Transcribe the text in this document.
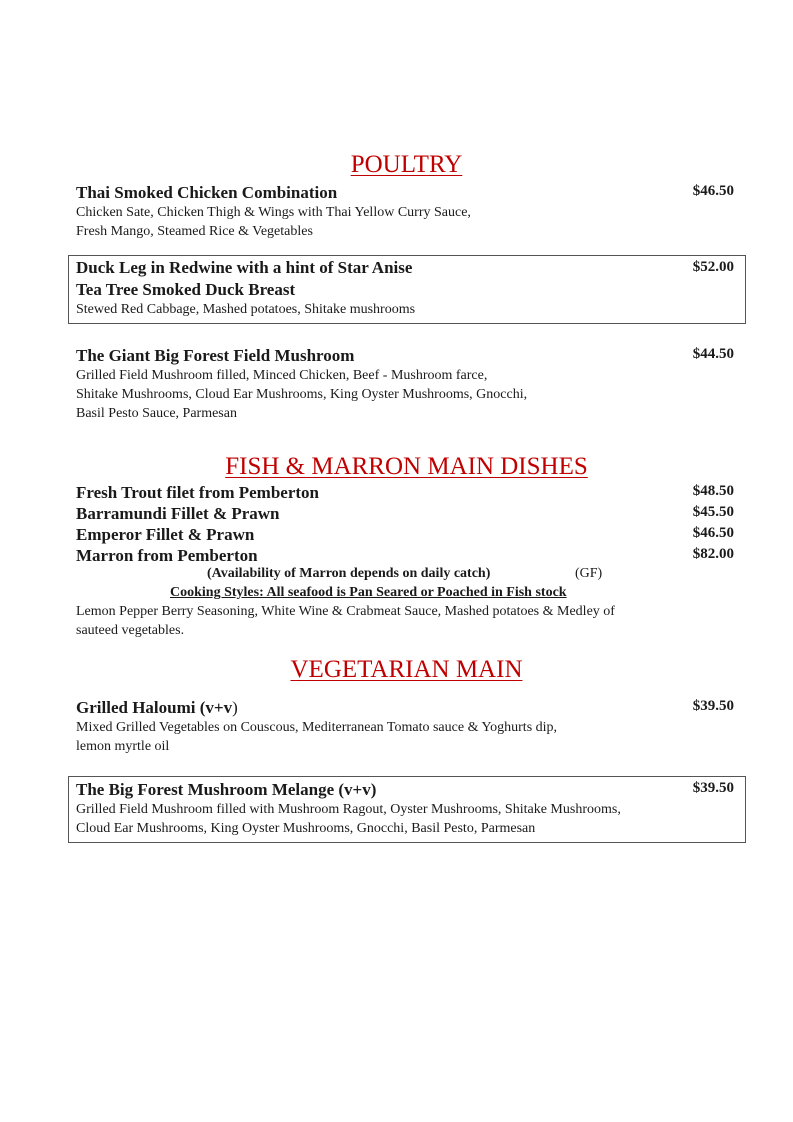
POULTRY
Thai Smoked Chicken Combination	$46.50
Chicken Sate, Chicken Thigh & Wings with Thai Yellow Curry Sauce,
Fresh Mango, Steamed Rice & Vegetables
Duck Leg in Redwine with a hint of Star Anise	$52.00
Tea Tree Smoked Duck Breast
Stewed Red Cabbage, Mashed potatoes, Shitake mushrooms
The Giant Big Forest Field Mushroom	$44.50
Grilled Field Mushroom filled, Minced Chicken, Beef - Mushroom farce,
Shitake Mushrooms, Cloud Ear Mushrooms, King Oyster Mushrooms, Gnocchi,
Basil Pesto Sauce, Parmesan
FISH & MARRON MAIN DISHES
Fresh Trout filet from Pemberton	$48.50
Barramundi Fillet & Prawn	$45.50
Emperor Fillet & Prawn	$46.50
Marron from Pemberton	$82.00
(Availability of Marron depends on daily catch)	(GF)
Cooking Styles: All seafood is Pan Seared or Poached in Fish stock
Lemon Pepper Berry Seasoning, White Wine & Crabmeat Sauce, Mashed potatoes & Medley of
sauteed vegetables.
VEGETARIAN MAIN
Grilled Haloumi (v+v)	$39.50
Mixed Grilled Vegetables on Couscous, Mediterranean Tomato sauce & Yoghurts dip,
lemon myrtle oil
The Big Forest Mushroom Melange (v+v)	$39.50
Grilled Field Mushroom filled with Mushroom Ragout, Oyster Mushrooms, Shitake Mushrooms,
Cloud Ear Mushrooms, King Oyster Mushrooms, Gnocchi, Basil Pesto, Parmesan
